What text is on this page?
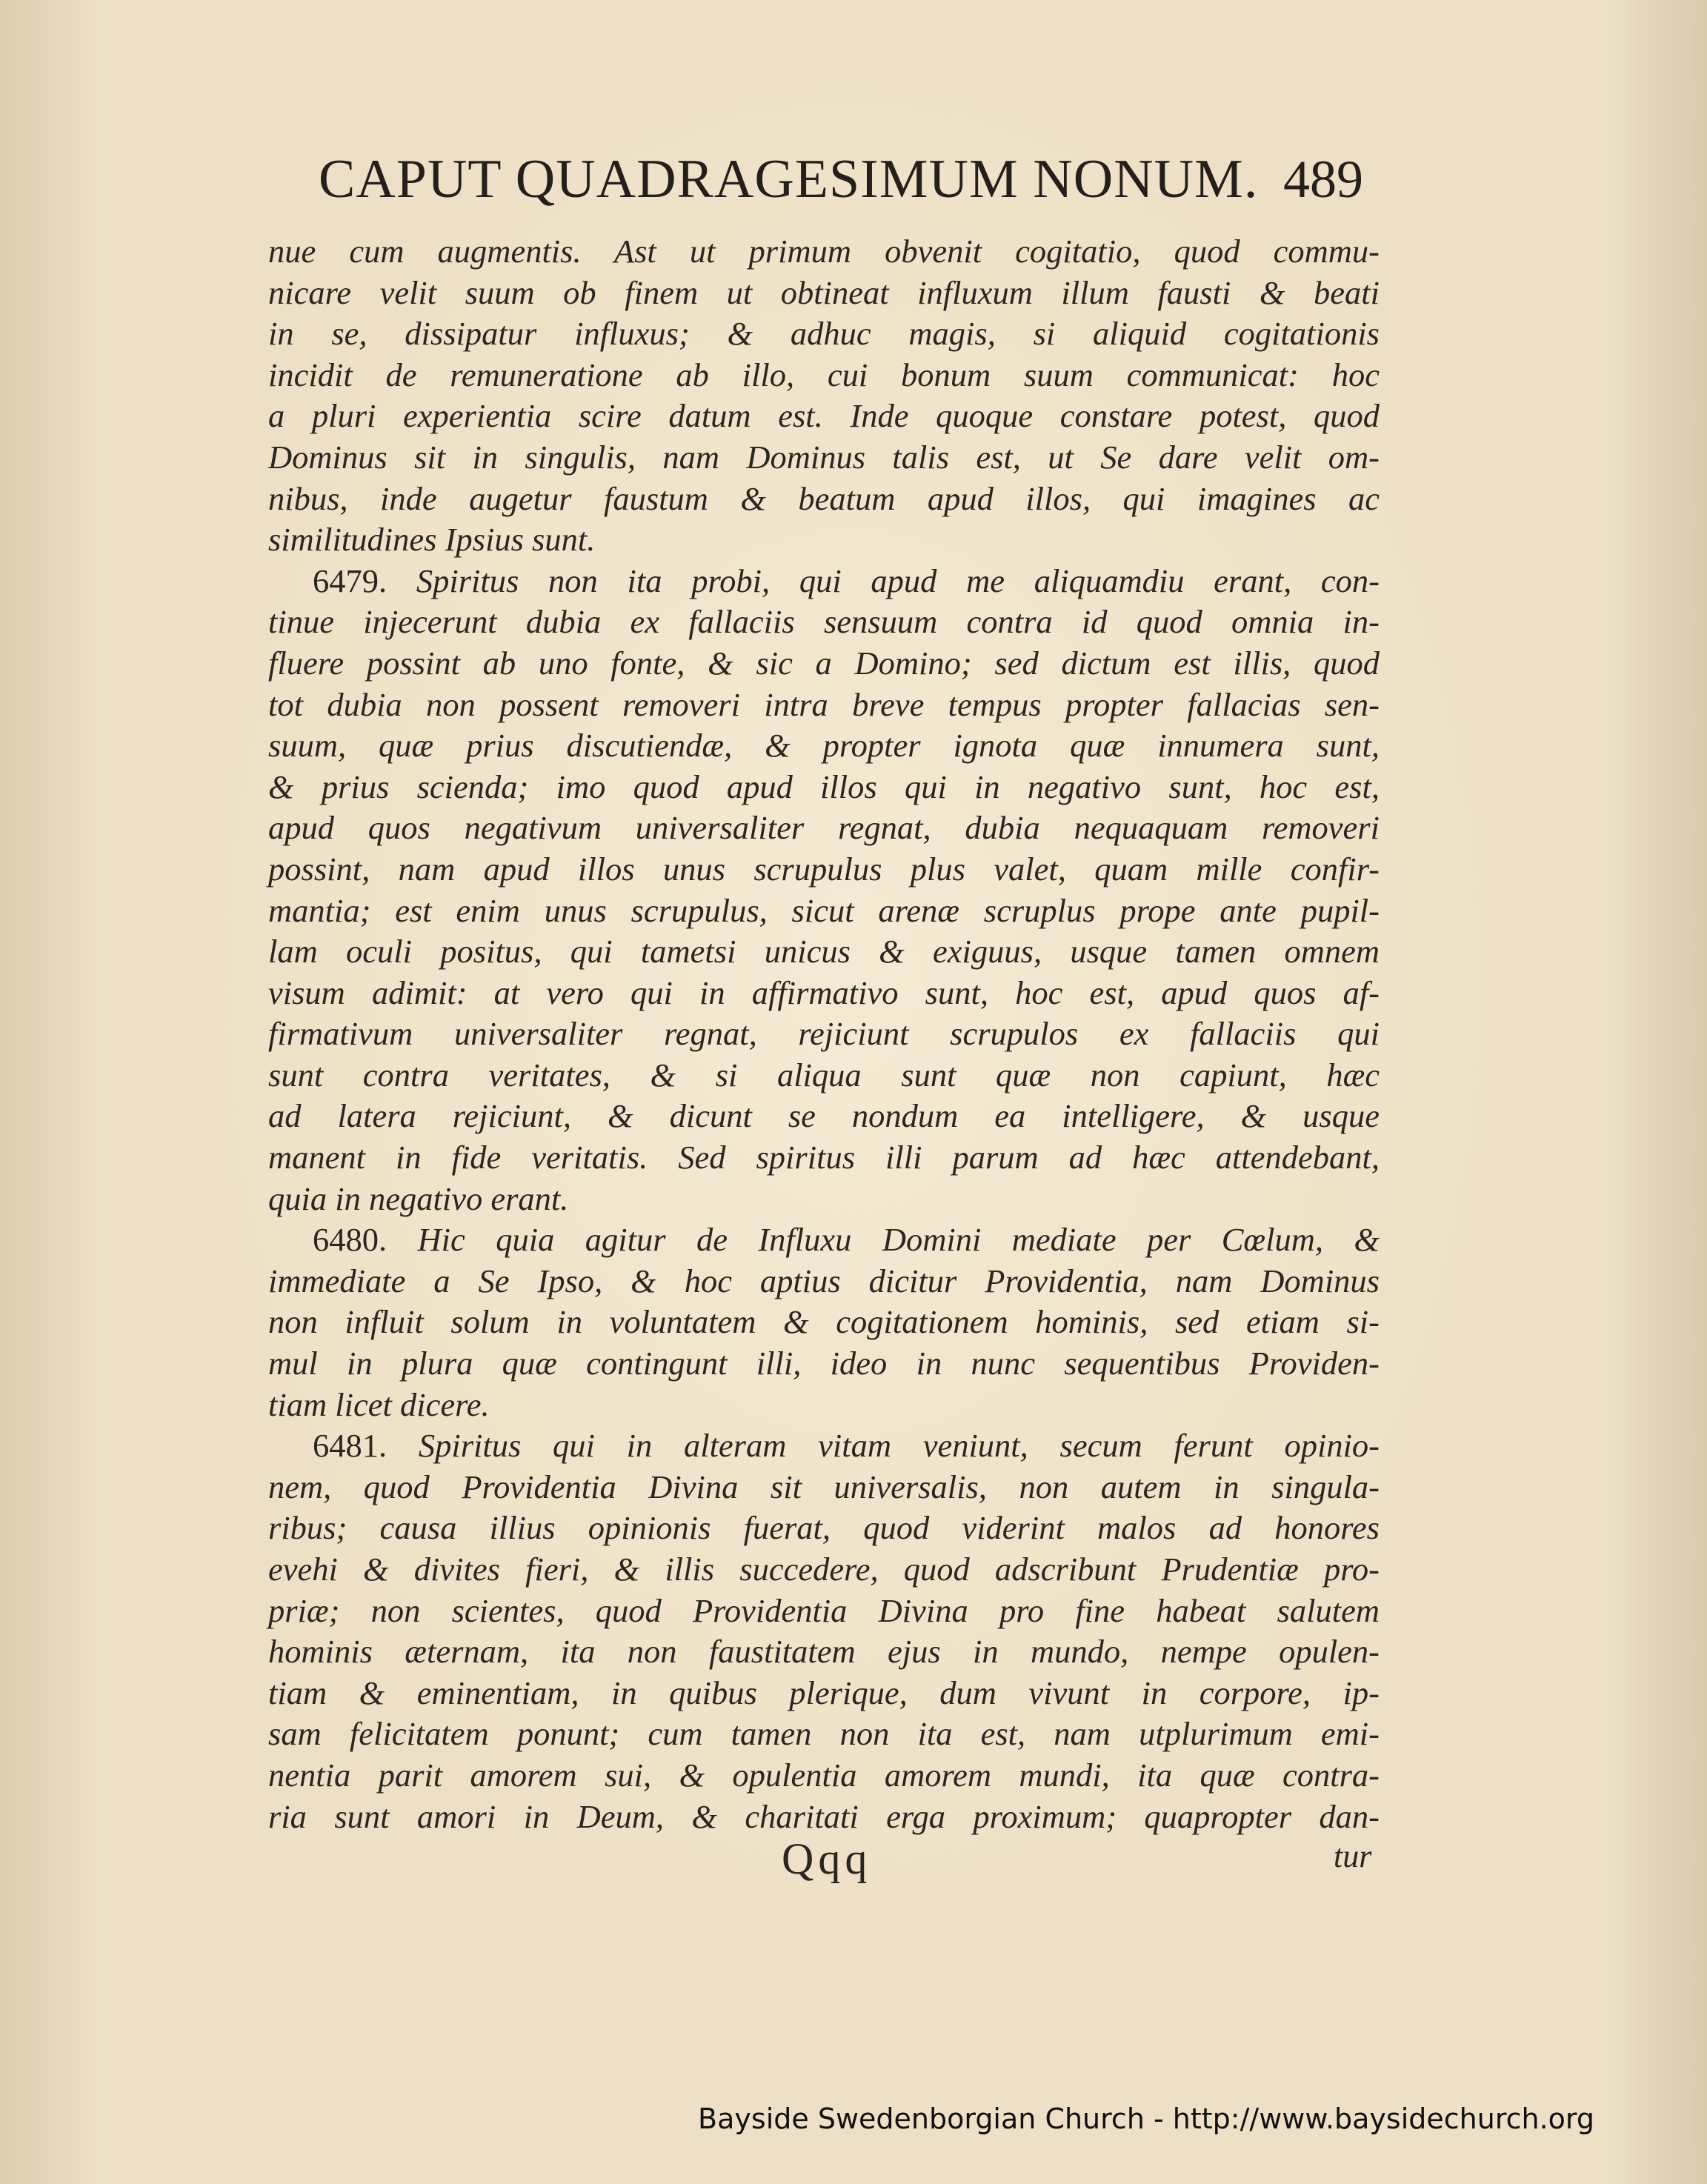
CAPUT QUADRAGESIMUM NONUM. 489
nue cum augmentis. Ast ut primum obvenit cogitatio, quod commu-
nicare velit suum ob finem ut obtineat influxum illum fausti & beati
in se, dissipatur influxus; & adhuc magis, si aliquid cogitationis
incidit de remuneratione ab illo, cui bonum suum communicat: hoc
a pluri experientia scire datum est. Inde quoque constare potest, quod
Dominus sit in singulis, nam Dominus talis est, ut Se dare velit om-
nibus, inde augetur faustum & beatum apud illos, qui imagines ac
similitudines Ipsius sunt.
6479. Spiritus non ita probi, qui apud me aliquamdiu erant, con-
tinue injecerunt dubia ex fallaciis sensuum contra id quod omnia in-
fluere possint ab uno fonte, & sic a Domino; sed dictum est illis, quod
tot dubia non possent removeri intra breve tempus propter fallacias sen-
suum, quæ prius discutiendæ, & propter ignota quæ innumera sunt,
& prius scienda; imo quod apud illos qui in negativo sunt, hoc est,
apud quos negativum universaliter regnat, dubia nequaquam removeri
possint, nam apud illos unus scrupulus plus valet, quam mille confir-
mantia; est enim unus scrupulus, sicut arenæ scruplus prope ante pupil-
lam oculi positus, qui tametsi unicus & exiguus, usque tamen omnem
visum adimit: at vero qui in affirmativo sunt, hoc est, apud quos af-
firmativum universaliter regnat, rejiciunt scrupulos ex fallaciis qui
sunt contra veritates, & si aliqua sunt quæ non capiunt, hæc
ad latera rejiciunt, & dicunt se nondum ea intelligere, & usque
manent in fide veritatis. Sed spiritus illi parum ad hæc attendebant,
quia in negativo erant.
6480. Hic quia agitur de Influxu Domini mediate per Cœlum, &
immediate a Se Ipso, & hoc aptius dicitur Providentia, nam Dominus
non influit solum in voluntatem & cogitationem hominis, sed etiam si-
mul in plura quæ contingunt illi, ideo in nunc sequentibus Providen-
tiam licet dicere.
6481. Spiritus qui in alteram vitam veniunt, secum ferunt opinio-
nem, quod Providentia Divina sit universalis, non autem in singula-
ribus; causa illius opinionis fuerat, quod viderint malos ad honores
evehi & divites fieri, & illis succedere, quod adscribunt Prudentiæ pro-
priæ; non scientes, quod Providentia Divina pro fine habeat salutem
hominis æternam, ita non faustitatem ejus in mundo, nempe opulen-
tiam & eminentiam, in quibus plerique, dum vivunt in corpore, ip-
sam felicitatem ponunt; cum tamen non ita est, nam utplurimum emi-
nentia parit amorem sui, & opulentia amorem mundi, ita quæ contra-
ria sunt amori in Deum, & charitati erga proximum; quapropter dan-
Qqq	tur
Bayside Swedenborgian Church - http://www.baysidechurch.org
